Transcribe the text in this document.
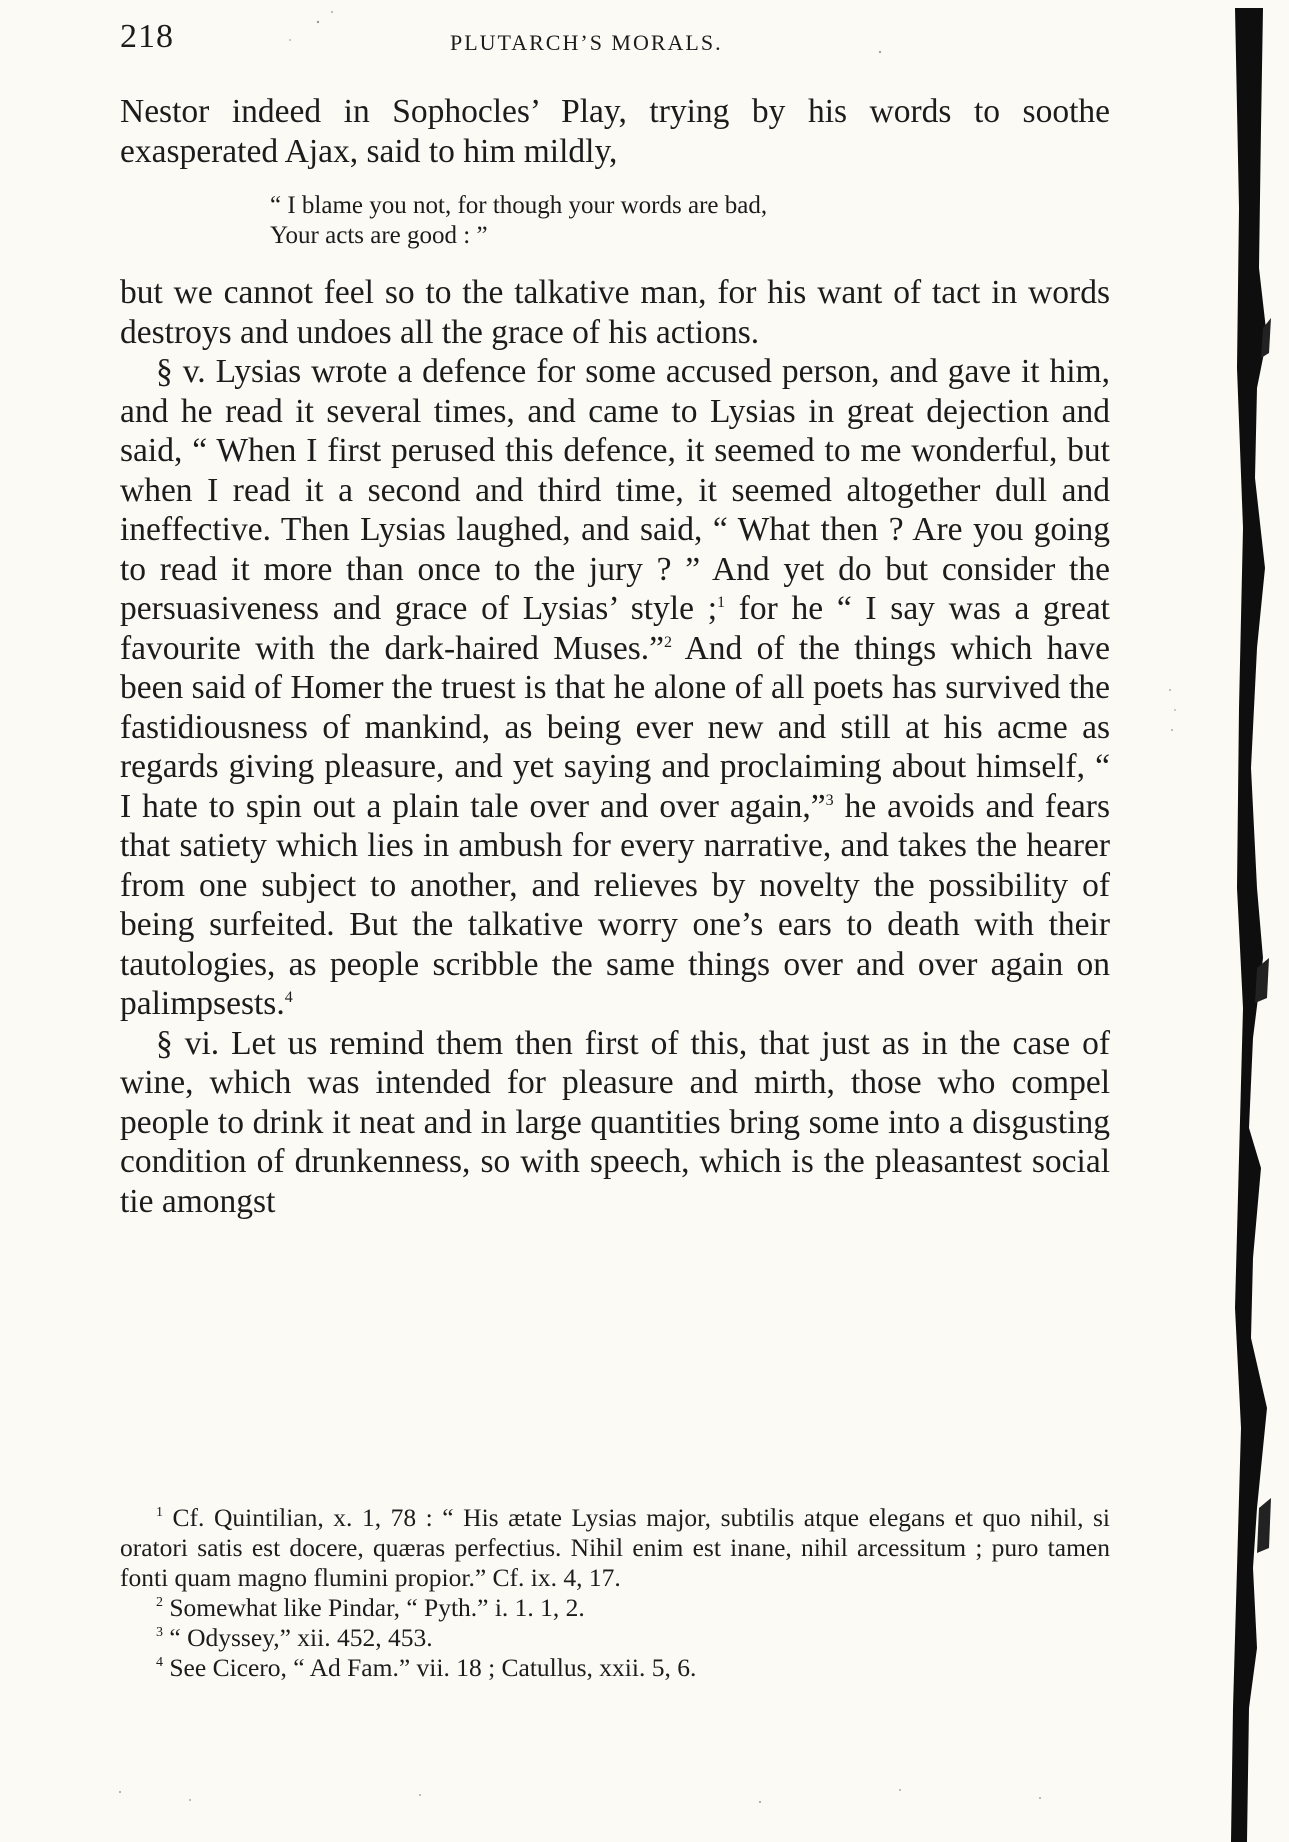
218	PLUTARCH’S MORALS.

Nestor indeed in Sophocles’ Play, trying by his words to soothe exasperated Ajax, said to him mildly,

“ I blame you not, for though your words are bad,
Your acts are good : ”

but we cannot feel so to the talkative man, for his want of tact in words destroys and undoes all the grace of his actions.

§ v. Lysias wrote a defence for some accused person, and gave it him, and he read it several times, and came to Lysias in great dejection and said, “ When I first perused this defence, it seemed to me wonderful, but when I read it a second and third time, it seemed altogether dull and ineffective. Then Lysias laughed, and said, “ What then ? Are you going to read it more than once to the jury ? ” And yet do but consider the persuasiveness and grace of Lysias’ style ;$^1$ for he “ I say was a great favourite with the dark-haired Muses.”$^2$ And of the things which have been said of Homer the truest is that he alone of all poets has survived the fastidiousness of mankind, as being ever new and still at his acme as regards giving pleasure, and yet saying and proclaiming about himself, “ I hate to spin out a plain tale over and over again,”$^3$ he avoids and fears that satiety which lies in ambush for every narrative, and takes the hearer from one subject to another, and relieves by novelty the possibility of being surfeited. But the talkative worry one’s ears to death with their tautologies, as people scribble the same things over and over again on palimpsests.$^4$

§ vi. Let us remind them then first of this, that just as in the case of wine, which was intended for pleasure and mirth, those who compel people to drink it neat and in large quantities bring some into a disgusting condition of drunkenness, so with speech, which is the pleasantest social tie amongst

$^1$ Cf. Quintilian, x. 1, 78 : “ His ætate Lysias major, subtilis atque elegans et quo nihil, si oratori satis est docere, quæras perfectius. Nihil enim est inane, nihil arcessitum ; puro tamen fonti quam magno flumini propior.” Cf. ix. 4, 17.

$^2$ Somewhat like Pindar, “ Pyth.” i. 1. 1, 2.

$^3$ “ Odyssey,” xii. 452, 453.

$^4$ See Cicero, “ Ad Fam.” vii. 18 ; Catullus, xxii. 5, 6.
